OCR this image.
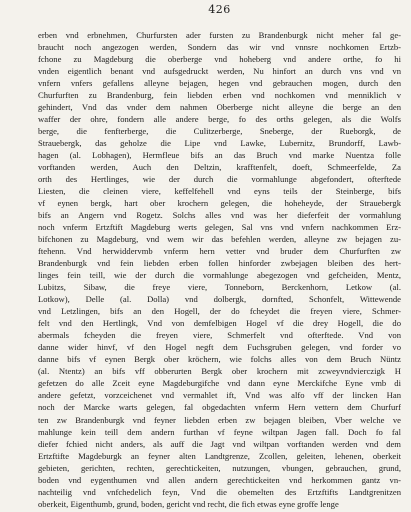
426
erben vnd erbnehmen, Churfursten ader fursten zu Brandenburgk nicht meher fal ge-
braucht noch angezogen werden, Sondern das wir vnd vnnsre nochkomen Ertzb-
fchone zu Magdeburg die oberberge vnd hoheberg vnd andere orthe, fo hi
vnden eigentlich benant vnd aufsgedruckt werden, Nu hinfort an durch vns vnd vn
vnfern vnfers gefallens alleyne bejagen, hegen vnd gebrauchen mogen, durch den
Churfurften zu Brandenburg, fein liebden erben vnd nochkomen vnd menniklich v
gehindert, Vnd das vnder dem nahmen Oberberge nicht alleyne die berge an den
waffer der ohre, fondern alle andere berge, fo des orths gelegen, als die Wolfs
berge, die fenfterberge, die Culitzerberge, Sneberge, der Rueborgk, de
Strauebergk, das geholze die Lipe vnd Lawke, Lubernitz, Brundorff, Lawb-
hagen (al. Lobhagen), Hermfleue bifs an das Bruch vnd marke Nuentza folle
vorftanden werden, Auch den Deltzin, krafftenfelt, doeft, Schmeerfelde, Za
orth des Hertlinges, wie der durch die vormahlunge abgefondert, ofterftede
Liesten, die cleinen viere, keffelfehell vnd eyns teils der Steinberge, bifs
vf eynen bergk, hart ober krochern gelegen, die hoheheyde, der Strauebergk
bifs an Angern vnd Rogetz. Solchs alles vnd was her dieferfeit der vormahlung
noch vnferm Ertzftift Magdeburg werts gelegen, Sal vns vnd vnfern nachkommen Erz-
bifchonen zu Magdeburg, vnd wem wir das befehlen werden, alleyne zw bejagen zu-
ftehenn. Vnd herwiddervmb vnferm hern vetter vnd bruder dem Churfurften zw
Brandenburgk vnd fein liebden erben follen hinforder zwbejagen bleiben des hert-
linges fein teill, wie der durch die vormahlunge abegezogen vnd gefcheiden, Mentz,
Lubitzs, Sibaw, die freye viere, Tonneborn, Berckenhorn, Letkow (al.
Lotkow), Delle (al. Dolla) vnd dolbergk, dornfted, Schonfelt, Wittewende
vnd Letzlingen, bifs an den Hogell, der do fcheydet die freyen viere, Schmer-
felt vnd den Hertlingk, Vnd von demfelbigen Hogel vf die drey Hogell, die do
abermals fcheyden die freyen viere, Schmerfelt vnd ofterftede. Vnd von
danne wider hinvf, vf den Hogel negft dem Fuchsgruben gelegen, vnd forder vo
danne bifs vf eynen Bergk ober kröchern, wie folchs alles von dem Bruch Nüntz
(al. Ntentz) an bifs vff obberurten Bergk ober krochern mit zcweyvndvierczigk H
gefetzen do alle Zceit eyne Magdeburgifche vnd dann eyne Merckifche Eyne vmb di
andere gefetzt, vorzceichenet vnd vermahlet ift, Vnd was alfo vff der lincken Han
noch der Marcke warts gelegen, fal obgedachten vnferm Hern vettern dem Churfurf
ten zw Brandenburgk vnd feyner liebden erben zw bejagen bleiben, Vber welche ve
mahlunge kein teill dem andern furthan vf feyne wiltpan Jagen fall. Doch fo fal
diefer fchied nicht anders, als auff die Jagt vnd wiltpan vorftanden werden vnd dem
Ertzftifte Magdeburgk an feyner alten Landtgrenze, Zcollen, geleiten, lehenen, oberkeit
gebieten, gerichten, rechten, gerechtickeiten, nutzungen, vbungen, gebrauchen, grund,
boden vnd eygenthumen vnd allen andern gerechtickeiten vnd herkommen gantz vn-
nachteilig vnd vnfchedelich feyn, Vnd die obemelten des Ertzftifts Landtgrenitzen
oberkeit, Eigenthumb, grund, boden, gericht vnd recht, die fich etwas eyne groffe lenge
